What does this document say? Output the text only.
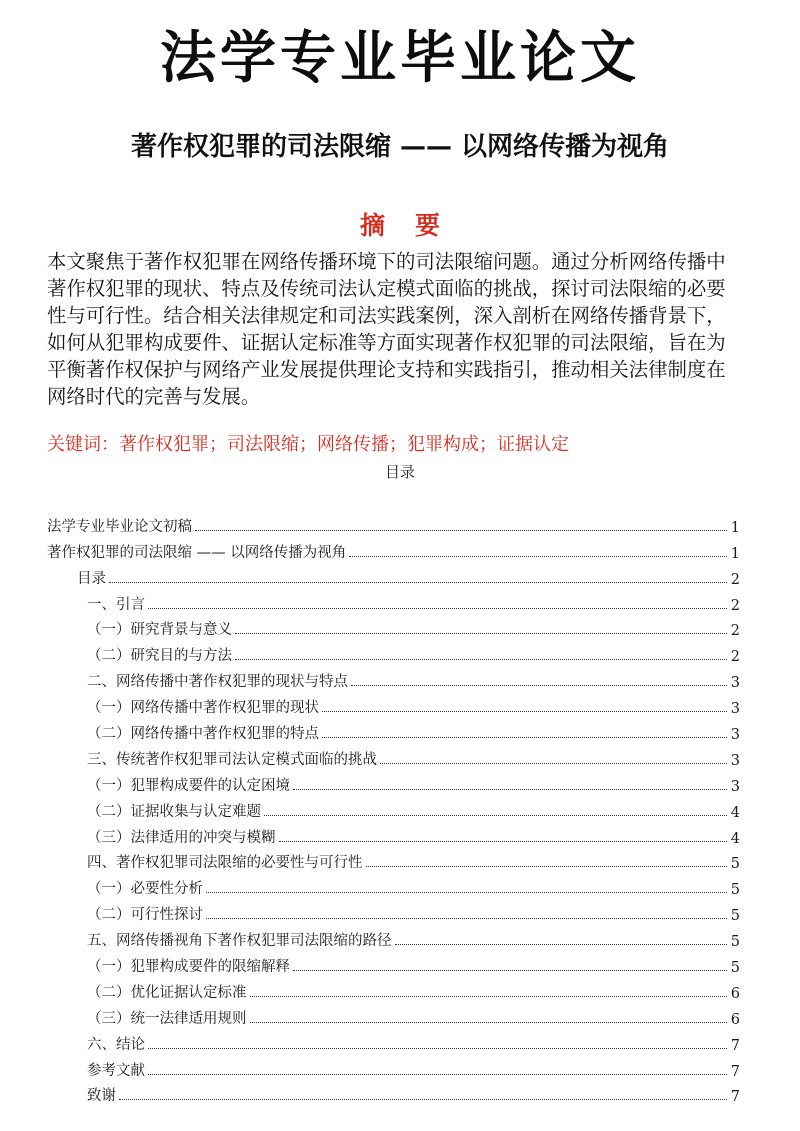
法学专业毕业论文
著作权犯罪的司法限缩 —— 以网络传播为视角
摘要
本文聚焦于著作权犯罪在网络传播环境下的司法限缩问题。通过分析网络传播中
著作权犯罪的现状、特点及传统司法认定模式面临的挑战，探讨司法限缩的必要
性与可行性。结合相关法律规定和司法实践案例，深入剖析在网络传播背景下，
如何从犯罪构成要件、证据认定标准等方面实现著作权犯罪的司法限缩，旨在为
平衡著作权保护与网络产业发展提供理论支持和实践指引，推动相关法律制度在
网络时代的完善与发展。
关键词：著作权犯罪；司法限缩；网络传播；犯罪构成；证据认定
目录
法学专业毕业论文初稿	1
著作权犯罪的司法限缩 —— 以网络传播为视角	1
目录	2
一、引言	2
（一）研究背景与意义	2
（二）研究目的与方法	2
二、网络传播中著作权犯罪的现状与特点	3
（一）网络传播中著作权犯罪的现状	3
（二）网络传播中著作权犯罪的特点	3
三、传统著作权犯罪司法认定模式面临的挑战	3
（一）犯罪构成要件的认定困境	3
（二）证据收集与认定难题	4
（三）法律适用的冲突与模糊	4
四、著作权犯罪司法限缩的必要性与可行性	5
（一）必要性分析	5
（二）可行性探讨	5
五、网络传播视角下著作权犯罪司法限缩的路径	5
（一）犯罪构成要件的限缩解释	5
（二）优化证据认定标准	6
（三）统一法律适用规则	6
六、结论	7
参考文献	7
致谢	7
